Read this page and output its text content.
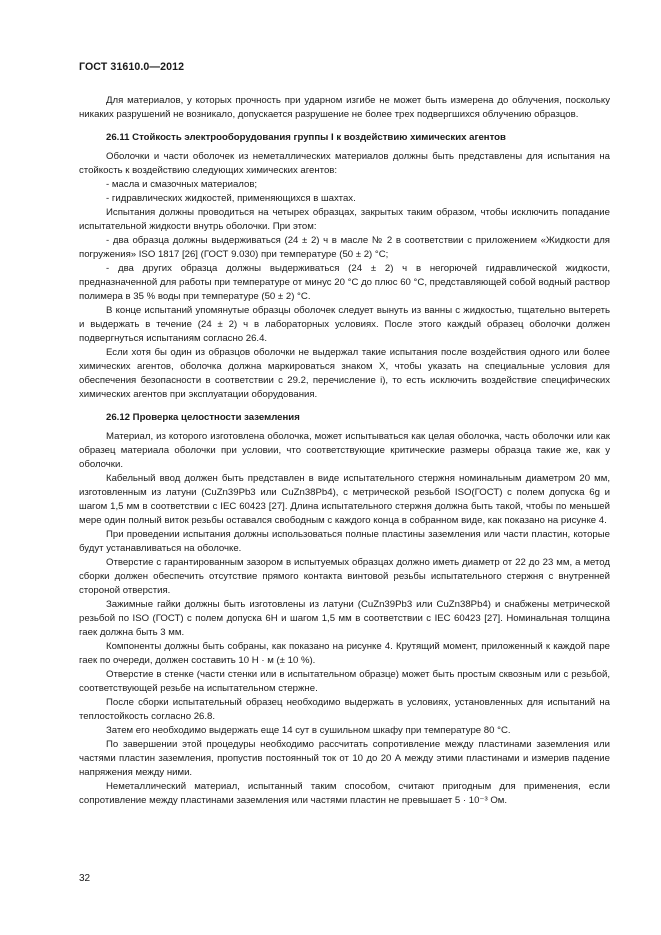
ГОСТ 31610.0—2012

Для материалов, у которых прочность при ударном изгибе не может быть измерена до облучения, поскольку никаких разрушений не возникало, допускается разрушение не более трех подвергшихся облучению образцов.

26.11 Стойкость электрооборудования группы I к воздействию химических агентов

Оболочки и части оболочек из неметаллических материалов должны быть представлены для испытания на стойкость к воздействию следующих химических агентов:

- масла и смазочных материалов;

- гидравлических жидкостей, применяющихся в шахтах.

Испытания должны проводиться на четырех образцах, закрытых таким образом, чтобы исключить попадание испытательной жидкости внутрь оболочки. При этом:

- два образца должны выдерживаться (24 ± 2) ч в масле № 2 в соответствии с приложением «Жидкости для погружения» ISO 1817 [26] (ГОСТ 9.030) при температуре (50 ± 2) °C;

- два других образца должны выдерживаться (24 ± 2) ч в негорючей гидравлической жидкости, предназначенной для работы при температуре от минус 20 °C до плюс 60 °C, представляющей собой водный раствор полимера в 35 % воды при температуре (50 ± 2) °C.

В конце испытаний упомянутые образцы оболочек следует вынуть из ванны с жидкостью, тщательно вытереть и выдержать в течение (24 ± 2) ч в лабораторных условиях. После этого каждый образец оболочки должен подвергнуться испытаниям согласно 26.4.

Если хотя бы один из образцов оболочки не выдержал такие испытания после воздействия одного или более химических агентов, оболочка должна маркироваться знаком X, чтобы указать на специальные условия для обеспечения безопасности в соответствии с 29.2, перечисление i), то есть исключить воздействие специфических химических агентов при эксплуатации оборудования.

26.12 Проверка целостности заземления

Материал, из которого изготовлена оболочка, может испытываться как целая оболочка, часть оболочки или как образец материала оболочки при условии, что соответствующие критические размеры образца такие же, как у оболочки.

Кабельный ввод должен быть представлен в виде испытательного стержня номинальным диаметром 20 мм, изготовленным из латуни (CuZn39Pb3 или CuZn38Pb4), с метрической резьбой ISO(ГОСТ) с полем допуска 6g и шагом 1,5 мм в соответствии с IEC 60423 [27]. Длина испытательного стержня должна быть такой, чтобы по меньшей мере один полный виток резьбы оставался свободным с каждого конца в собранном виде, как показано на рисунке 4.

При проведении испытания должны использоваться полные пластины заземления или части пластин, которые будут устанавливаться на оболочке.

Отверстие с гарантированным зазором в испытуемых образцах должно иметь диаметр от 22 до 23 мм, а метод сборки должен обеспечить отсутствие прямого контакта винтовой резьбы испытательного стержня с внутренней стороной отверстия.

Зажимные гайки должны быть изготовлены из латуни (CuZn39Pb3 или CuZn38Pb4) и снабжены метрической резьбой по ISO (ГОСТ) с полем допуска 6H и шагом 1,5 мм в соответствии с IEC 60423 [27]. Номинальная толщина гаек должна быть 3 мм.

Компоненты должны быть собраны, как показано на рисунке 4. Крутящий момент, приложенный к каждой паре гаек по очереди, должен составить 10 Н · м (± 10 %).

Отверстие в стенке (части стенки или в испытательном образце) может быть простым сквозным или с резьбой, соответствующей резьбе на испытательном стержне.

После сборки испытательный образец необходимо выдержать в условиях, установленных для испытаний на теплостойкость согласно 26.8.

Затем его необходимо выдержать еще 14 сут в сушильном шкафу при температуре 80 °C.

По завершении этой процедуры необходимо рассчитать сопротивление между пластинами заземления или частями пластин заземления, пропустив постоянный ток от 10 до 20 А между этими пластинами и измерив падение напряжения между ними.

Неметаллический материал, испытанный таким способом, считают пригодным для применения, если сопротивление между пластинами заземления или частями пластин не превышает 5 · 10⁻³ Ом.

32
